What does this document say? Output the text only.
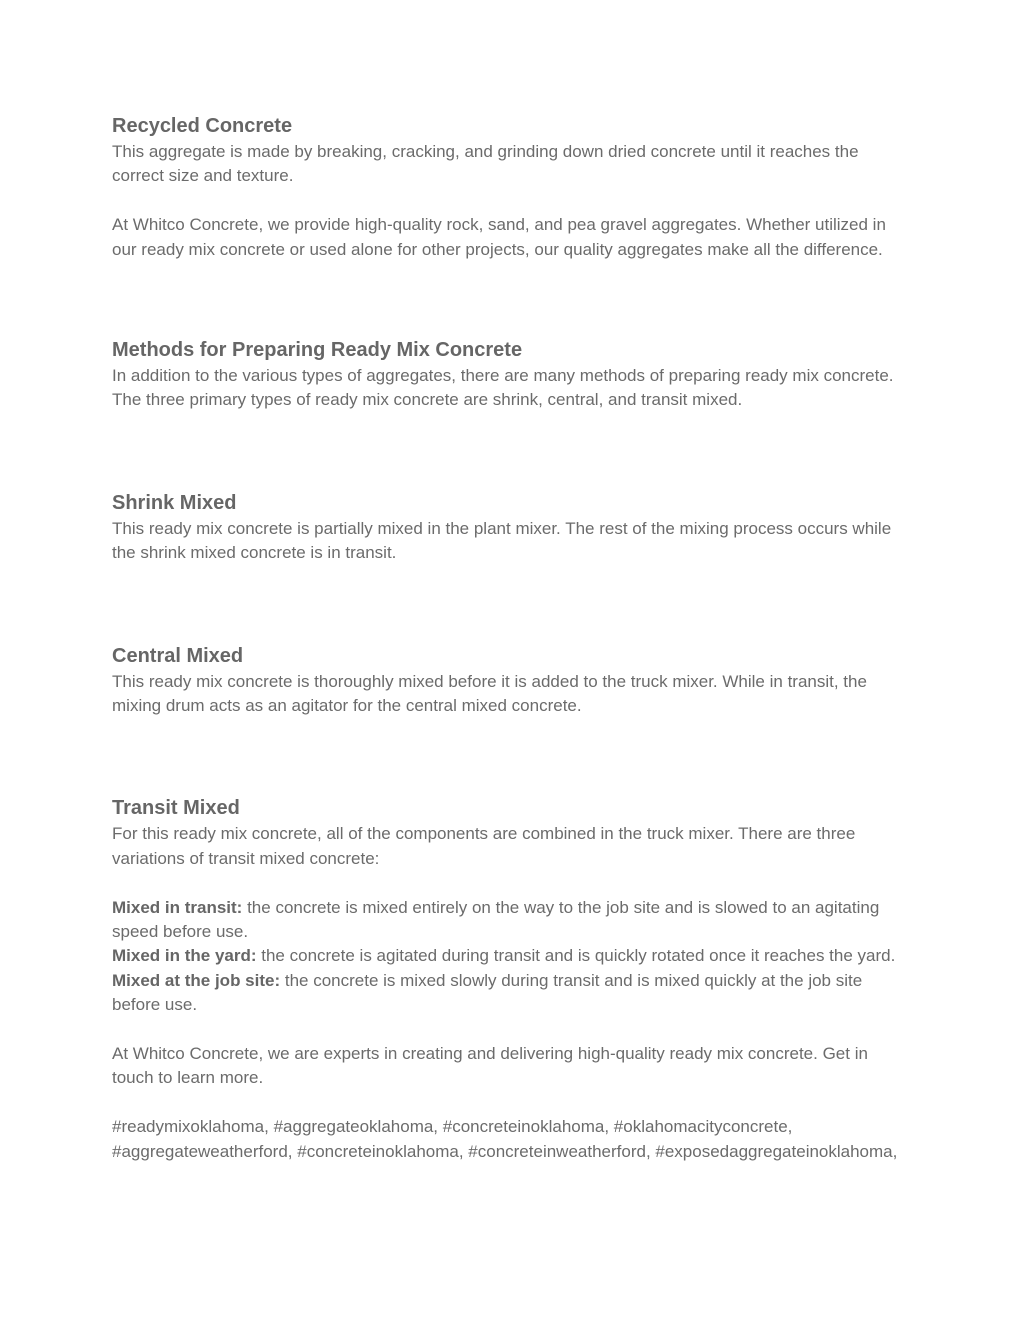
Recycled Concrete

This aggregate is made by breaking, cracking, and grinding down dried concrete until it reaches the correct size and texture.

At Whitco Concrete, we provide high-quality rock, sand, and pea gravel aggregates. Whether utilized in our ready mix concrete or used alone for other projects, our quality aggregates make all the difference.

Methods for Preparing Ready Mix Concrete

In addition to the various types of aggregates, there are many methods of preparing ready mix concrete. The three primary types of ready mix concrete are shrink, central, and transit mixed.

Shrink Mixed

This ready mix concrete is partially mixed in the plant mixer. The rest of the mixing process occurs while the shrink mixed concrete is in transit.

Central Mixed

This ready mix concrete is thoroughly mixed before it is added to the truck mixer. While in transit, the mixing drum acts as an agitator for the central mixed concrete.

Transit Mixed

For this ready mix concrete, all of the components are combined in the truck mixer. There are three variations of transit mixed concrete:

Mixed in transit: the concrete is mixed entirely on the way to the job site and is slowed to an agitating speed before use.

Mixed in the yard: the concrete is agitated during transit and is quickly rotated once it reaches the yard.

Mixed at the job site: the concrete is mixed slowly during transit and is mixed quickly at the job site before use.

At Whitco Concrete, we are experts in creating and delivering high-quality ready mix concrete. Get in touch to learn more.

#readymixoklahoma, #aggregateoklahoma, #concreteinoklahoma, #oklahomacityconcrete, #aggregateweatherford, #concreteinoklahoma, #concreteinweatherford, #exposedaggregateinoklahoma,
